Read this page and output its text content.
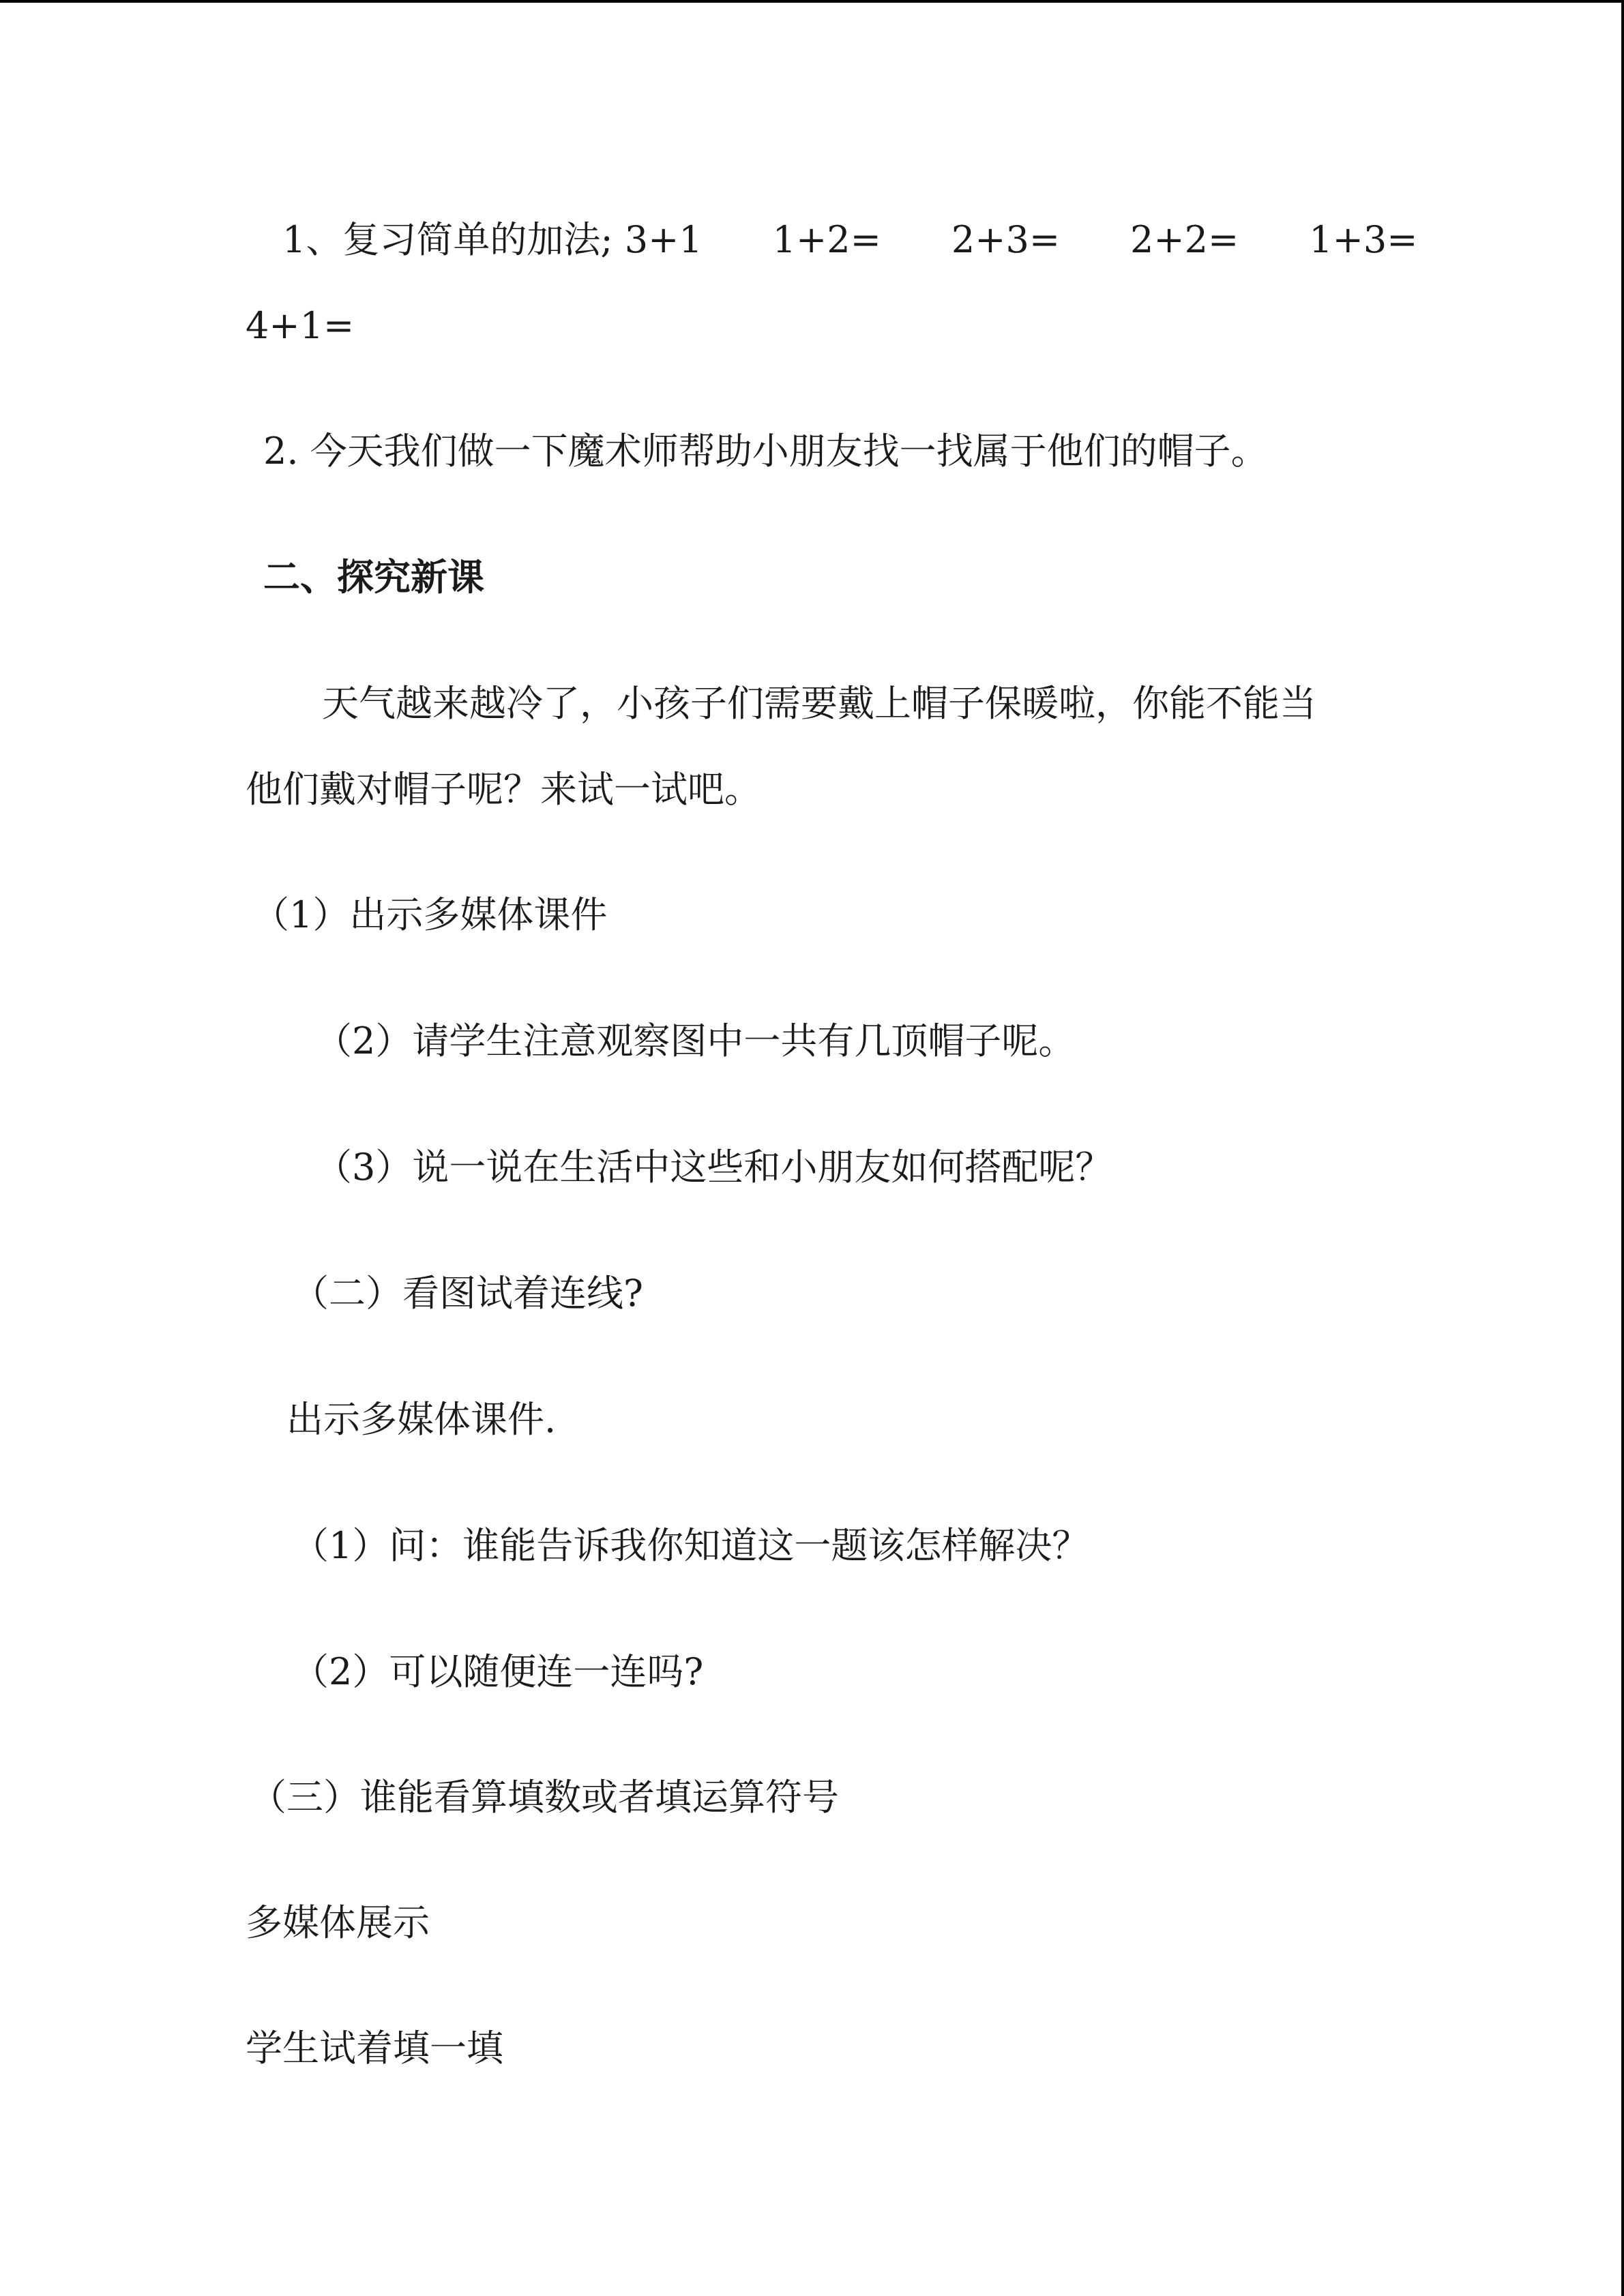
1、复习简单的加法; 3+1      1+2=      2+3=      2+2=      1+3=
4+1=
2. 今天我们做一下魔术师帮助小朋友找一找属于他们的帽子。
二、探究新课
天气越来越冷了，小孩子们需要戴上帽子保暖啦，你能不能当
他们戴对帽子呢？来试一试吧。
（1）出示多媒体课件
（2）请学生注意观察图中一共有几顶帽子呢。
（3）说一说在生活中这些和小朋友如何搭配呢？
（二）看图试着连线?
出示多媒体课件.
（1）问：谁能告诉我你知道这一题该怎样解决？
（2）可以随便连一连吗?
（三）谁能看算填数或者填运算符号
多媒体展示
学生试着填一填
